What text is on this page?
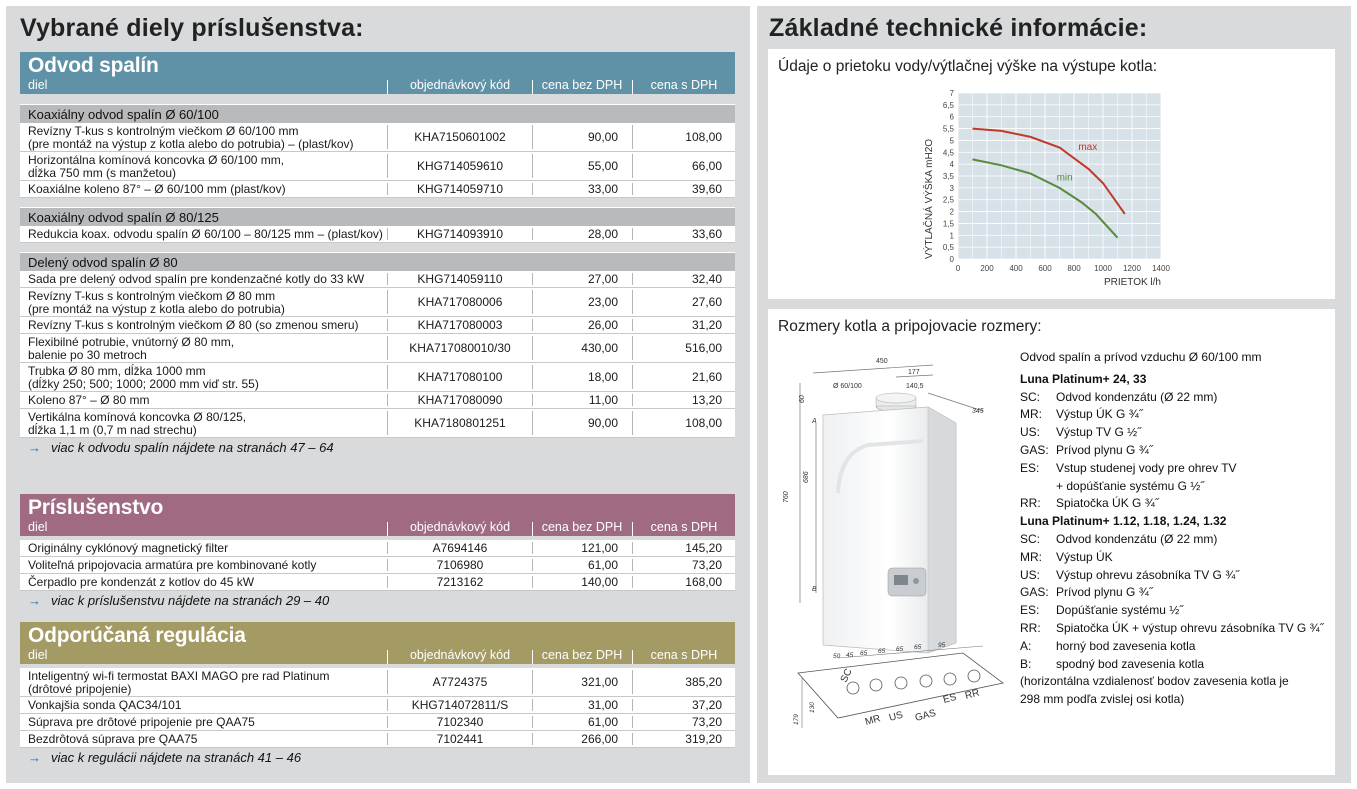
Vybrané diely príslušenstva:
Odvod spalín
diel	objednávkový kód	cena bez DPH	cena s DPH
Koaxiálny odvod spalín Ø 60/100
Revízny T-kus s kontrolným viečkom Ø 60/100 mm
(pre montáž na výstup z kotla alebo do potrubia) – (plast/kov)	KHA7150601002	90,00	108,00
Horizontálna komínová koncovka Ø 60/100 mm,
dĺžka 750 mm (s manžetou)	KHG714059610	55,00	66,00
Koaxiálne koleno 87° – Ø 60/100 mm (plast/kov)	KHG714059710	33,00	39,60
Koaxiálny odvod spalín Ø 80/125
Redukcia koax. odvodu spalín Ø 60/100 – 80/125 mm – (plast/kov)	KHG714093910	28,00	33,60
Delený odvod spalín Ø 80
Sada pre delený odvod spalín pre kondenzačné kotly do 33 kW	KHG714059110	27,00	32,40
Revízny T-kus s kontrolným viečkom Ø 80 mm
(pre montáž na výstup z kotla alebo do potrubia)	KHA717080006	23,00	27,60
Revízny T-kus s kontrolným viečkom Ø 80 (so zmenou smeru)	KHA717080003	26,00	31,20
Flexibilné potrubie, vnútorný Ø 80 mm,
balenie po 30 metroch	KHA717080010/30	430,00	516,00
Trubka Ø 80 mm, dĺžka 1000 mm
(dĺžky 250; 500; 1000; 2000 mm viď str. 55)	KHA717080100	18,00	21,60
Koleno 87° – Ø 80 mm	KHA717080090	11,00	13,20
Vertikálna komínová koncovka Ø 80/125,
dĺžka 1,1 m (0,7 m nad strechu)	KHA7180801251	90,00	108,00
→ viac k odvodu spalín nájdete na stranách 47 – 64
Príslušenstvo
diel	objednávkový kód	cena bez DPH	cena s DPH
Originálny cyklónový magnetický filter	A7694146	121,00	145,20
Voliteľná pripojovacia armatúra pre kombinované kotly	7106980	61,00	73,20
Čerpadlo pre kondenzát z kotlov do 45 kW	7213162	140,00	168,00
→ viac k príslušenstvu nájdete na stranách 29 – 40
Odporúčaná regulácia
diel	objednávkový kód	cena bez DPH	cena s DPH
Inteligentný wi-fi termostat BAXI MAGO pre rad Platinum
(drôtové pripojenie)	A7724375	321,00	385,20
Vonkajšia sonda QAC34/101	KHG714072811/S	31,00	37,20
Súprava pre drôtové pripojenie pre QAA75	7102340	61,00	73,20
Bezdrôtová súprava pre QAA75	7102441	266,00	319,20
→ viac k regulácii nájdete na stranách 41 – 46
Základné technické informácie:
Údaje o prietoku vody/výtlačnej výške na výstupe kotla:
0
0,5
1
1,5
2
2,5
3
3,5
4
4,5
5
5,5
6
6,5
7
0	200 400 600 800 1000 1200 1400
PRIETOK l/h
VÝTLAČNÁ VÝŠKA mH2O	max
min
Rozmery kotla a pripojovacie rozmery:
450
177
Ø 60/100	140,5
345
760
686
60
A
B
SC
MR US GAS
ES RR
50 45 65 65 65 65	95
130
179
Odvod spalín a prívod vzduchu Ø 60/100 mm
Luna Platinum+ 24, 33
SC: Odvod kondenzátu (Ø 22 mm)
MR: Výstup ÚK G ¾˝
US: Výstup TV G ½˝
GAS: Prívod plynu G ¾˝
ES: Vstup studenej vody pre ohrev TV
+ dopúšťanie systému G ½˝
RR: Spiatočka ÚK G ¾˝
Luna Platinum+ 1.12, 1.18, 1.24, 1.32
SC: Odvod kondenzátu (Ø 22 mm)
MR: Výstup ÚK
US: Výstup ohrevu zásobníka TV G ¾˝
GAS: Prívod plynu G ¾˝
ES: Dopúšťanie systému ½˝
RR: Spiatočka ÚK + výstup ohrevu zásobníka TV G ¾˝
A: horný bod zavesenia kotla
B: spodný bod zavesenia kotla
(horizontálna vzdialenosť bodov zavesenia kotla je
298 mm podľa zvislej osi kotla)
